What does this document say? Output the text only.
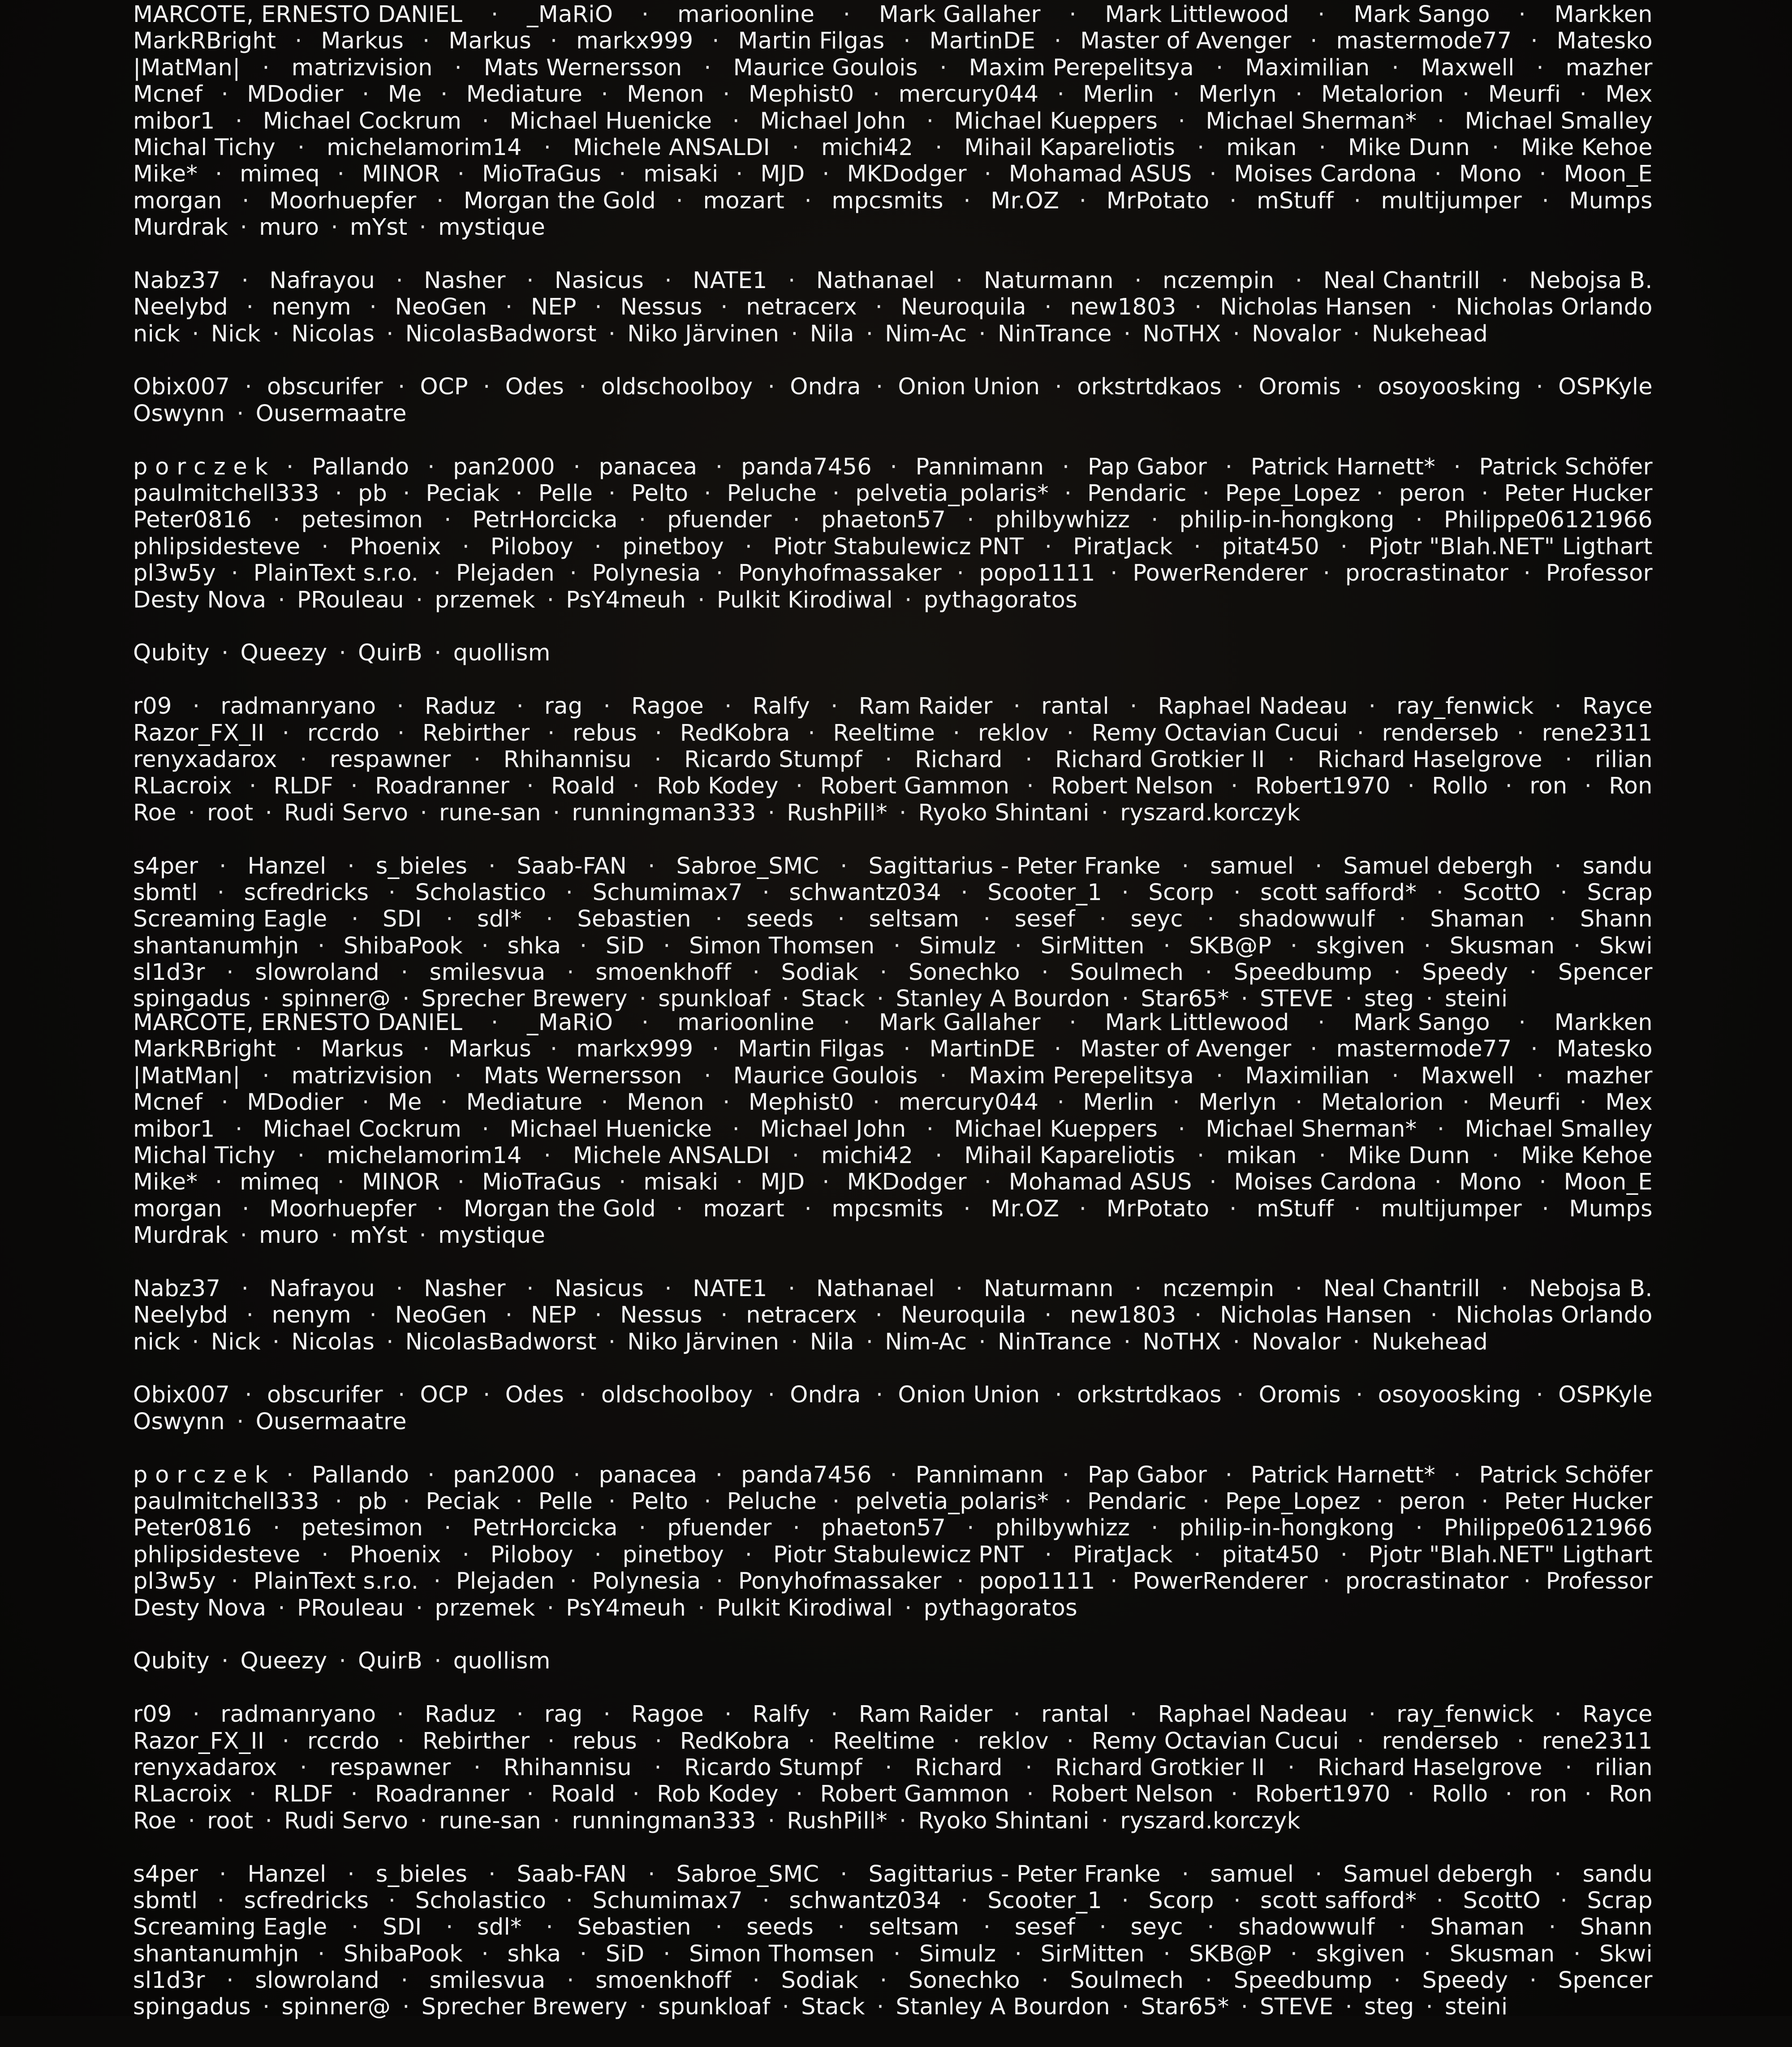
MARCOTE, ERNESTO DANIEL · _MaRiO · marioonline · Mark Gallaher · Mark Littlewood · Mark Sango · Markken
MarkRBright · Markus · Markus · markx999 · Martin Filgas · MartinDE · Master of Avenger · mastermode77 · Matesko
|MatMan| · matrizvision · Mats Wernersson · Maurice Goulois · Maxim Perepelitsya · Maximilian · Maxwell · mazher
Mcnef · MDodier · Me · Mediature · Menon · Mephist0 · mercury044 · Merlin · Merlyn · Metalorion · Meurfi · Mex
mibor1 · Michael Cockrum · Michael Huenicke · Michael John · Michael Kueppers · Michael Sherman* · Michael Smalley
Michal Tichy · michelamorim14 · Michele ANSALDI · michi42 · Mihail Kapareliotis · mikan · Mike Dunn · Mike Kehoe
Mike* · mimeq · MINOR · MioTraGus · misaki · MJD · MKDodger · Mohamad ASUS · Moises Cardona · Mono · Moon_E
morgan · Moorhuepfer · Morgan the Gold · mozart · mpcsmits · Mr.OZ · MrPotato · mStuff · multijumper · Mumps
Murdrak · muro · mYst · mystique
Nabz37 · Nafrayou · Nasher · Nasicus · NATE1 · Nathanael · Naturmann · nczempin · Neal Chantrill · Nebojsa B.
Neelybd · nenym · NeoGen · NEP · Nessus · netracerx · Neuroquila · new1803 · Nicholas Hansen · Nicholas Orlando
nick · Nick · Nicolas · NicolasBadworst · Niko Järvinen · Nila · Nim-Ac · NinTrance · NoTHX · Novalor · Nukehead
Obix007 · obscurifer · OCP · Odes · oldschoolboy · Ondra · Onion Union · orkstrtdkaos · Oromis · osoyoosking · OSPKyle
Oswynn · Ousermaatre
p o r c z e k · Pallando · pan2000 · panacea · panda7456 · Pannimann · Pap Gabor · Patrick Harnett* · Patrick Schöfer
paulmitchell333 · pb · Peciak · Pelle · Pelto · Peluche · pelvetia_polaris* · Pendaric · Pepe_Lopez · peron · Peter Hucker
Peter0816 · petesimon · PetrHorcicka · pfuender · phaeton57 · philbywhizz · philip-in-hongkong · Philippe06121966
phlipsidesteve · Phoenix · Piloboy · pinetboy · Piotr Stabulewicz PNT · PiratJack · pitat450 · Pjotr "Blah.NET" Ligthart
pl3w5y · PlainText s.r.o. · Plejaden · Polynesia · Ponyhofmassaker · popo1111 · PowerRenderer · procrastinator · Professor
Desty Nova · PRouleau · przemek · PsY4meuh · Pulkit Kirodiwal · pythagoratos
Qubity · Queezy · QuirB · quollism
r09 · radmanryano · Raduz · rag · Ragoe · Ralfy · Ram Raider · rantal · Raphael Nadeau · ray_fenwick · Rayce
Razor_FX_II · rccrdo · Rebirther · rebus · RedKobra · Reeltime · reklov · Remy Octavian Cucui · renderseb · rene2311
renyxadarox · respawner · Rhihannisu · Ricardo Stumpf · Richard · Richard Grotkier II · Richard Haselgrove · rilian
RLacroix · RLDF · Roadranner · Roald · Rob Kodey · Robert Gammon · Robert Nelson · Robert1970 · Rollo · ron · Ron
Roe · root · Rudi Servo · rune-san · runningman333 · RushPill* · Ryoko Shintani · ryszard.korczyk
s4per · Hanzel · s_bieles · Saab-FAN · Sabroe_SMC · Sagittarius - Peter Franke · samuel · Samuel debergh · sandu
sbmtl · scfredricks · Scholastico · Schumimax7 · schwantz034 · Scooter_1 · Scorp · scott safford* · ScottO · Scrap
Screaming Eagle · SDI · sdl* · Sebastien · seeds · seltsam · sesef · seyc · shadowwulf · Shaman · Shann
shantanumhjn · ShibaPook · shka · SiD · Simon Thomsen · Simulz · SirMitten · SKB@P · skgiven · Skusman · Skwi
sl1d3r · slowroland · smilesvua · smoenkhoff · Sodiak · Sonechko · Soulmech · Speedbump · Speedy · Spencer
spingadus · spinner@ · Sprecher Brewery · spunkloaf · Stack · Stanley A Bourdon · Star65* · STEVE · steg · steini
MARCOTE, ERNESTO DANIEL · _MaRiO · marioonline · Mark Gallaher · Mark Littlewood · Mark Sango · Markken
MarkRBright · Markus · Markus · markx999 · Martin Filgas · MartinDE · Master of Avenger · mastermode77 · Matesko
|MatMan| · matrizvision · Mats Wernersson · Maurice Goulois · Maxim Perepelitsya · Maximilian · Maxwell · mazher
Mcnef · MDodier · Me · Mediature · Menon · Mephist0 · mercury044 · Merlin · Merlyn · Metalorion · Meurfi · Mex
mibor1 · Michael Cockrum · Michael Huenicke · Michael John · Michael Kueppers · Michael Sherman* · Michael Smalley
Michal Tichy · michelamorim14 · Michele ANSALDI · michi42 · Mihail Kapareliotis · mikan · Mike Dunn · Mike Kehoe
Mike* · mimeq · MINOR · MioTraGus · misaki · MJD · MKDodger · Mohamad ASUS · Moises Cardona · Mono · Moon_E
morgan · Moorhuepfer · Morgan the Gold · mozart · mpcsmits · Mr.OZ · MrPotato · mStuff · multijumper · Mumps
Murdrak · muro · mYst · mystique
Nabz37 · Nafrayou · Nasher · Nasicus · NATE1 · Nathanael · Naturmann · nczempin · Neal Chantrill · Nebojsa B.
Neelybd · nenym · NeoGen · NEP · Nessus · netracerx · Neuroquila · new1803 · Nicholas Hansen · Nicholas Orlando
nick · Nick · Nicolas · NicolasBadworst · Niko Järvinen · Nila · Nim-Ac · NinTrance · NoTHX · Novalor · Nukehead
Obix007 · obscurifer · OCP · Odes · oldschoolboy · Ondra · Onion Union · orkstrtdkaos · Oromis · osoyoosking · OSPKyle
Oswynn · Ousermaatre
p o r c z e k · Pallando · pan2000 · panacea · panda7456 · Pannimann · Pap Gabor · Patrick Harnett* · Patrick Schöfer
paulmitchell333 · pb · Peciak · Pelle · Pelto · Peluche · pelvetia_polaris* · Pendaric · Pepe_Lopez · peron · Peter Hucker
Peter0816 · petesimon · PetrHorcicka · pfuender · phaeton57 · philbywhizz · philip-in-hongkong · Philippe06121966
phlipsidesteve · Phoenix · Piloboy · pinetboy · Piotr Stabulewicz PNT · PiratJack · pitat450 · Pjotr "Blah.NET" Ligthart
pl3w5y · PlainText s.r.o. · Plejaden · Polynesia · Ponyhofmassaker · popo1111 · PowerRenderer · procrastinator · Professor
Desty Nova · PRouleau · przemek · PsY4meuh · Pulkit Kirodiwal · pythagoratos
Qubity · Queezy · QuirB · quollism
r09 · radmanryano · Raduz · rag · Ragoe · Ralfy · Ram Raider · rantal · Raphael Nadeau · ray_fenwick · Rayce
Razor_FX_II · rccrdo · Rebirther · rebus · RedKobra · Reeltime · reklov · Remy Octavian Cucui · renderseb · rene2311
renyxadarox · respawner · Rhihannisu · Ricardo Stumpf · Richard · Richard Grotkier II · Richard Haselgrove · rilian
RLacroix · RLDF · Roadranner · Roald · Rob Kodey · Robert Gammon · Robert Nelson · Robert1970 · Rollo · ron · Ron
Roe · root · Rudi Servo · rune-san · runningman333 · RushPill* · Ryoko Shintani · ryszard.korczyk
s4per · Hanzel · s_bieles · Saab-FAN · Sabroe_SMC · Sagittarius - Peter Franke · samuel · Samuel debergh · sandu
sbmtl · scfredricks · Scholastico · Schumimax7 · schwantz034 · Scooter_1 · Scorp · scott safford* · ScottO · Scrap
Screaming Eagle · SDI · sdl* · Sebastien · seeds · seltsam · sesef · seyc · shadowwulf · Shaman · Shann
shantanumhjn · ShibaPook · shka · SiD · Simon Thomsen · Simulz · SirMitten · SKB@P · skgiven · Skusman · Skwi
sl1d3r · slowroland · smilesvua · smoenkhoff · Sodiak · Sonechko · Soulmech · Speedbump · Speedy · Spencer
spingadus · spinner@ · Sprecher Brewery · spunkloaf · Stack · Stanley A Bourdon · Star65* · STEVE · steg · steini
